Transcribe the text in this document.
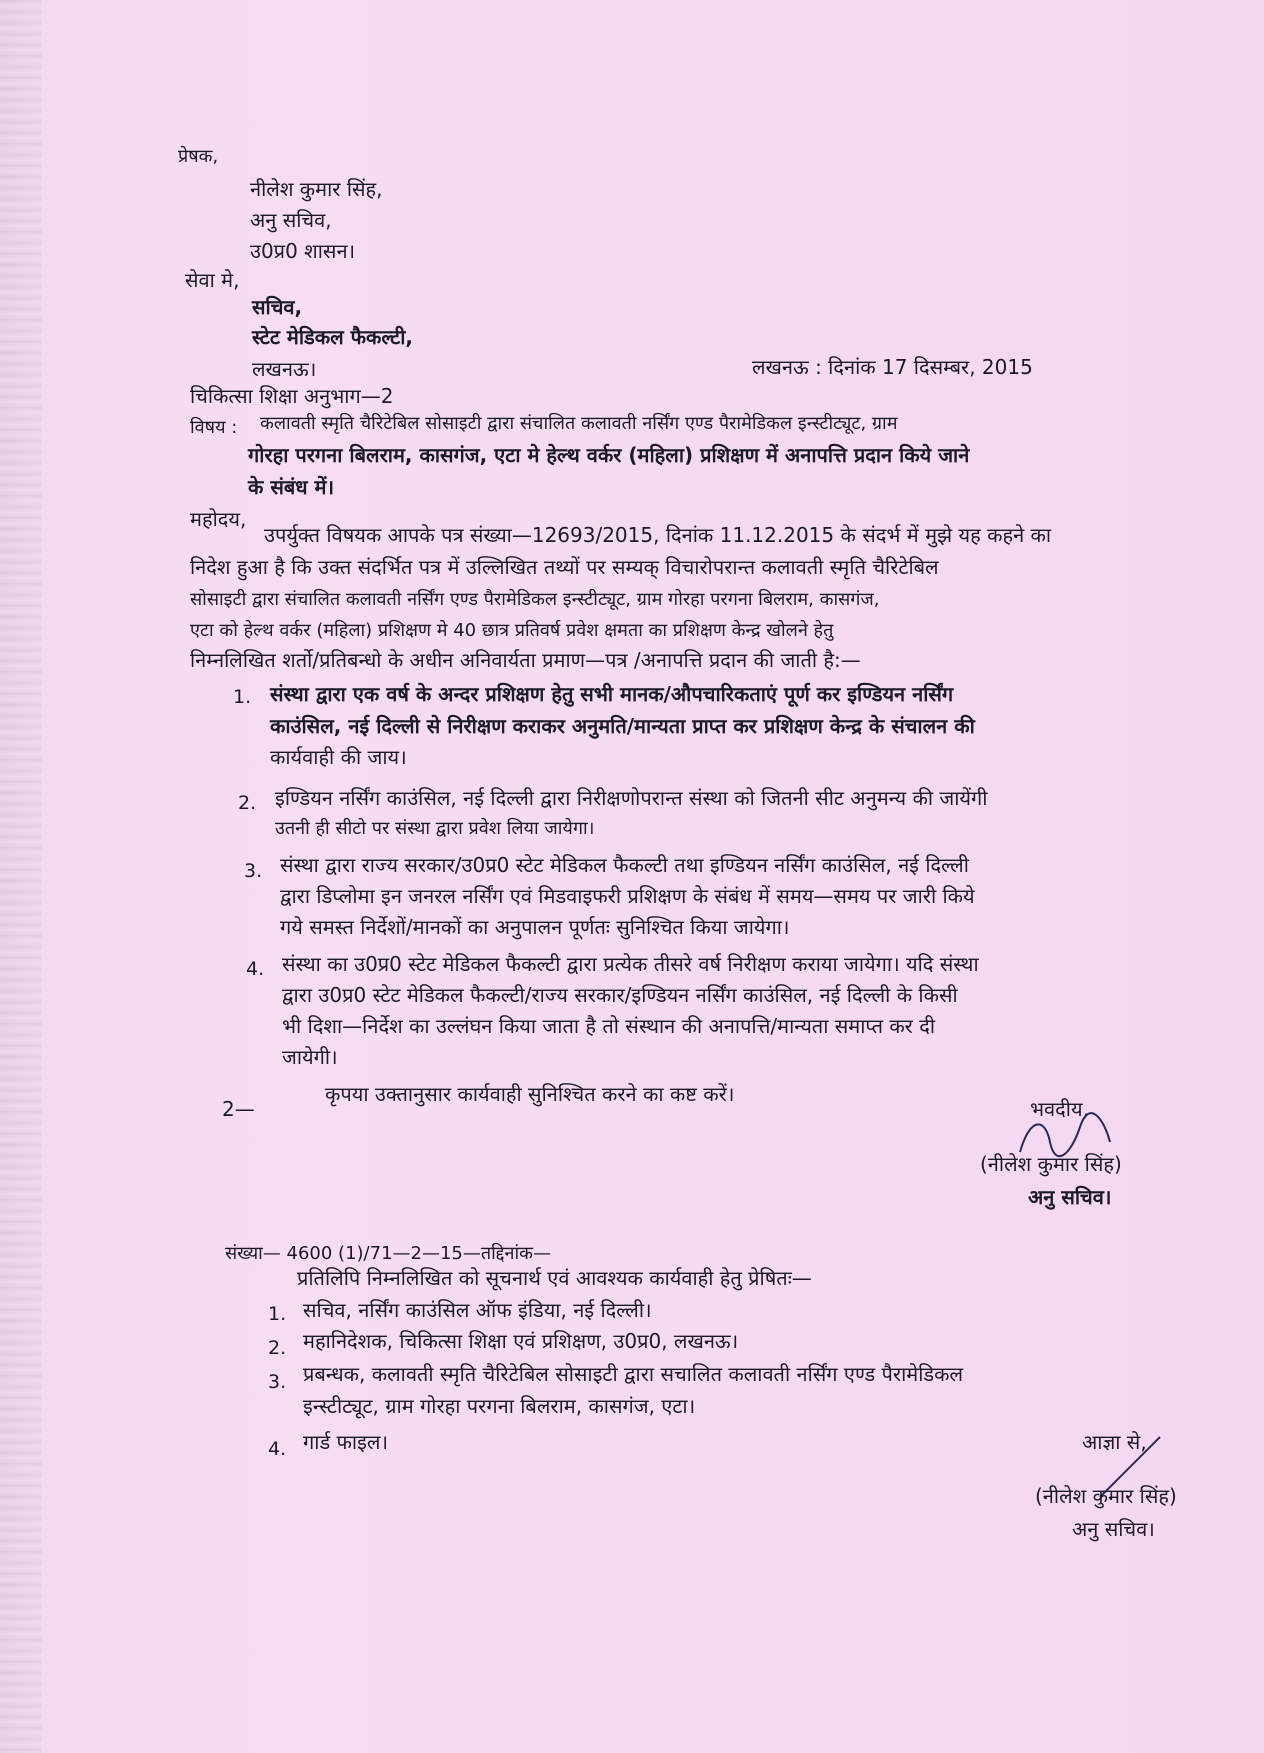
प्रेषक,
नीलेश कुमार सिंह,
अनु सचिव,
उ0प्र0 शासन।
सेवा मे,
सचिव,
स्टेट मेडिकल फैकल्टी,
लखनऊ।	लखनऊ : दिनांक 17 दिसम्बर, 2015
चिकित्सा शिक्षा अनुभाग—2
विषय : कलावती स्मृति चैरिटेबिल सोसाइटी द्वारा संचालित कलावती नर्सिंग एण्ड पैरामेडिकल इन्स्टीट्यूट, ग्राम
गोरहा परगना बिलराम, कासगंज, एटा मे हेल्थ वर्कर (महिला) प्रशिक्षण में अनापत्ति प्रदान किये जाने
के संबंध में।
महोदय,
उपर्युक्त विषयक आपके पत्र संख्या—12693/2015, दिनांक 11.12.2015 के संदर्भ में मुझे यह कहने का
निदेश हुआ है कि उक्त संदर्भित पत्र में उल्लिखित तथ्यों पर सम्यक् विचारोपरान्त कलावती स्मृति चैरिटेबिल
सोसाइटी द्वारा संचालित कलावती नर्सिंग एण्ड पैरामेडिकल इन्स्टीट्यूट, ग्राम गोरहा परगना बिलराम, कासगंज,
एटा को हेल्थ वर्कर (महिला) प्रशिक्षण मे 40 छात्र प्रतिवर्ष प्रवेश क्षमता का प्रशिक्षण केन्द्र खोलने हेतु
निम्नलिखित शर्तो/प्रतिबन्धो के अधीन अनिवार्यता प्रमाण—पत्र /अनापत्ति प्रदान की जाती है:—
1. संस्था द्वारा एक वर्ष के अन्दर प्रशिक्षण हेतु सभी मानक/औपचारिकताएं पूर्ण कर इण्डियन नर्सिंग
काउंसिल, नई दिल्ली से निरीक्षण कराकर अनुमति/मान्यता प्राप्त कर प्रशिक्षण केन्द्र के संचालन की
कार्यवाही की जाय।
2. इण्डियन नर्सिंग काउंसिल, नई दिल्ली द्वारा निरीक्षणोपरान्त संस्था को जितनी सीट अनुमन्य की जायेंगी
उतनी ही सीटो पर संस्था द्वारा प्रवेश लिया जायेगा।
3. संस्था द्वारा राज्य सरकार/उ0प्र0 स्टेट मेडिकल फैकल्टी तथा इण्डियन नर्सिंग काउंसिल, नई दिल्ली
द्वारा डिप्लोमा इन जनरल नर्सिंग एवं मिडवाइफरी प्रशिक्षण के संबंध में समय—समय पर जारी किये
गये समस्त निर्देशों/मानकों का अनुपालन पूर्णतः सुनिश्चित किया जायेगा।
4. संस्था का उ0प्र0 स्टेट मेडिकल फैकल्टी द्वारा प्रत्येक तीसरे वर्ष निरीक्षण कराया जायेगा। यदि संस्था
द्वारा उ0प्र0 स्टेट मेडिकल फैकल्टी/राज्य सरकार/इण्डियन नर्सिंग काउंसिल, नई दिल्ली के किसी
भी दिशा—निर्देश का उल्लंघन किया जाता है तो संस्थान की अनापत्ति/मान्यता समाप्त कर दी
जायेगी।
2—
कृपया उक्तानुसार कार्यवाही सुनिश्चित करने का कष्ट करें।
भवदीय,
(नीलेश कुमार सिंह)
अनु सचिव।
संख्या— 4600 (1)/71—2—15—तद्दिनांक—
प्रतिलिपि निम्नलिखित को सूचनार्थ एवं आवश्यक कार्यवाही हेतु प्रेषितः—
1. सचिव, नर्सिंग काउंसिल ऑफ इंडिया, नई दिल्ली।
2. महानिदेशक, चिकित्सा शिक्षा एवं प्रशिक्षण, उ0प्र0, लखनऊ।
3. प्रबन्धक, कलावती स्मृति चैरिटेबिल सोसाइटी द्वारा सचालित कलावती नर्सिंग एण्ड पैरामेडिकल
इन्स्टीट्यूट, ग्राम गोरहा परगना बिलराम, कासगंज, एटा।
4. गार्ड फाइल।	आज्ञा से,
(नीलेश कुमार सिंह)
अनु सचिव।
